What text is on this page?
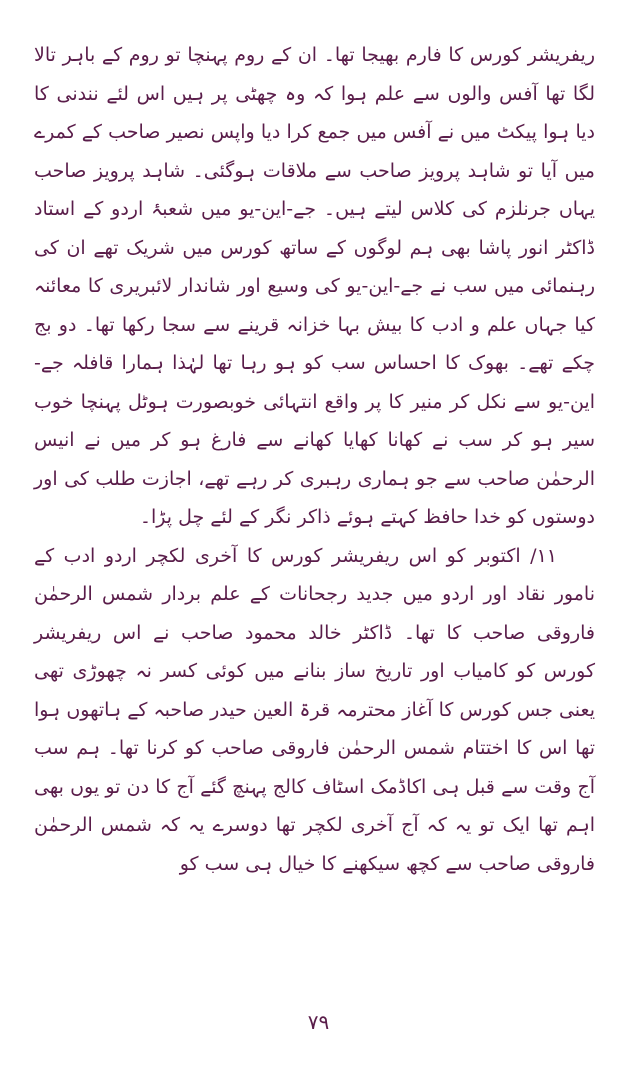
ریفریشر کورس کا فارم بھیجا تھا۔ ان کے روم پہنچا تو روم کے باہر تالا لگا تھا آفس والوں سے علم ہوا کہ وہ چھٹی پر ہیں اس لئے نندنی کا دیا ہوا پیکٹ میں نے آفس میں جمع کرا دیا واپس نصیر صاحب کے کمرے میں آیا تو شاہد پرویز صاحب سے ملاقات ہوگئی۔ شاہد پرویز صاحب یہاں جرنلزم کی کلاس لیتے ہیں۔ جے-این-یو میں شعبۂ اردو کے استاد ڈاکٹر انور پاشا بھی ہم لوگوں کے ساتھ کورس میں شریک تھے ان کی رہنمائی میں سب نے جے-این-یو کی وسیع اور شاندار لائبریری کا معائنہ کیا جہاں علم و ادب کا بیش بہا خزانہ قرینے سے سجا رکھا تھا۔ دو بج چکے تھے۔ بھوک کا احساس سب کو ہو رہا تھا لہٰذا ہمارا قافلہ جے-این-یو سے نکل کر منیر کا پر واقع انتہائی خوبصورت ہوٹل پہنچا خوب سیر ہو کر سب نے کھانا کھایا کھانے سے فارغ ہو کر میں نے انیس الرحمٰن صاحب سے جو ہماری رہبری کر رہے تھے، اجازت طلب کی اور دوستوں کو خدا حافظ کہتے ہوئے ذاکر نگر کے لئے چل پڑا۔

۱۱/ اکتوبر کو اس ریفریشر کورس کا آخری لکچر اردو ادب کے نامور نقاد اور اردو میں جدید رجحانات کے علم بردار شمس الرحمٰن فاروقی صاحب کا تھا۔ ڈاکٹر خالد محمود صاحب نے اس ریفریشر کورس کو کامیاب اور تاریخ ساز بنانے میں کوئی کسر نہ چھوڑی تھی یعنی جس کورس کا آغاز محترمہ قرۃ العین حیدر صاحبہ کے ہاتھوں ہوا تھا اس کا اختتام شمس الرحمٰن فاروقی صاحب کو کرنا تھا۔ ہم سب آج وقت سے قبل ہی اکاڈمک اسٹاف کالج پہنچ گئے آج کا دن تو یوں بھی اہم تھا ایک تو یہ کہ آج آخری لکچر تھا دوسرے یہ کہ شمس الرحمٰن فاروقی صاحب سے کچھ سیکھنے کا خیال ہی سب کو

۷۹
